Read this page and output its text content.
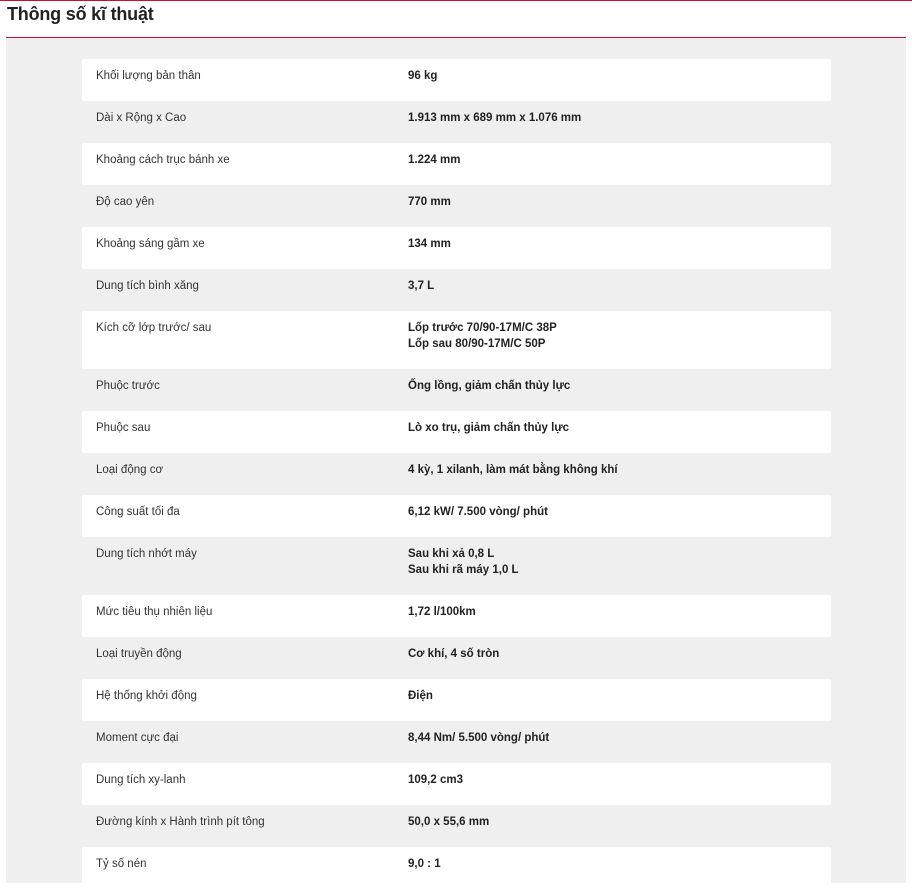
Thông số kĩ thuật
Khối lượng bản thân	96 kg
Dài x Rộng x Cao	1.913 mm x 689 mm x 1.076 mm
Khoảng cách trục bánh xe	1.224 mm
Độ cao yên	770 mm
Khoảng sáng gầm xe	134 mm
Dung tích bình xăng	3,7 L
Kích cỡ lớp trước/ sau	Lốp trước 70/90-17M/C 38P
Lốp sau 80/90-17M/C 50P
Phuộc trước	Ống lồng, giảm chấn thủy lực
Phuộc sau	Lò xo trụ, giảm chấn thủy lực
Loại động cơ	4 kỳ, 1 xilanh, làm mát bằng không khí
Công suất tối đa	6,12 kW/ 7.500 vòng/ phút
Dung tích nhớt máy	Sau khi xả 0,8 L
Sau khi rã máy 1,0 L
Mức tiêu thụ nhiên liệu	1,72 l/100km
Loại truyền động	Cơ khí, 4 số tròn
Hệ thống khởi động	Điện
Moment cực đại	8,44 Nm/ 5.500 vòng/ phút
Dung tích xy-lanh	109,2 cm3
Đường kính x Hành trình pít tông	50,0 x 55,6 mm
Tỷ số nén	9,0 : 1
